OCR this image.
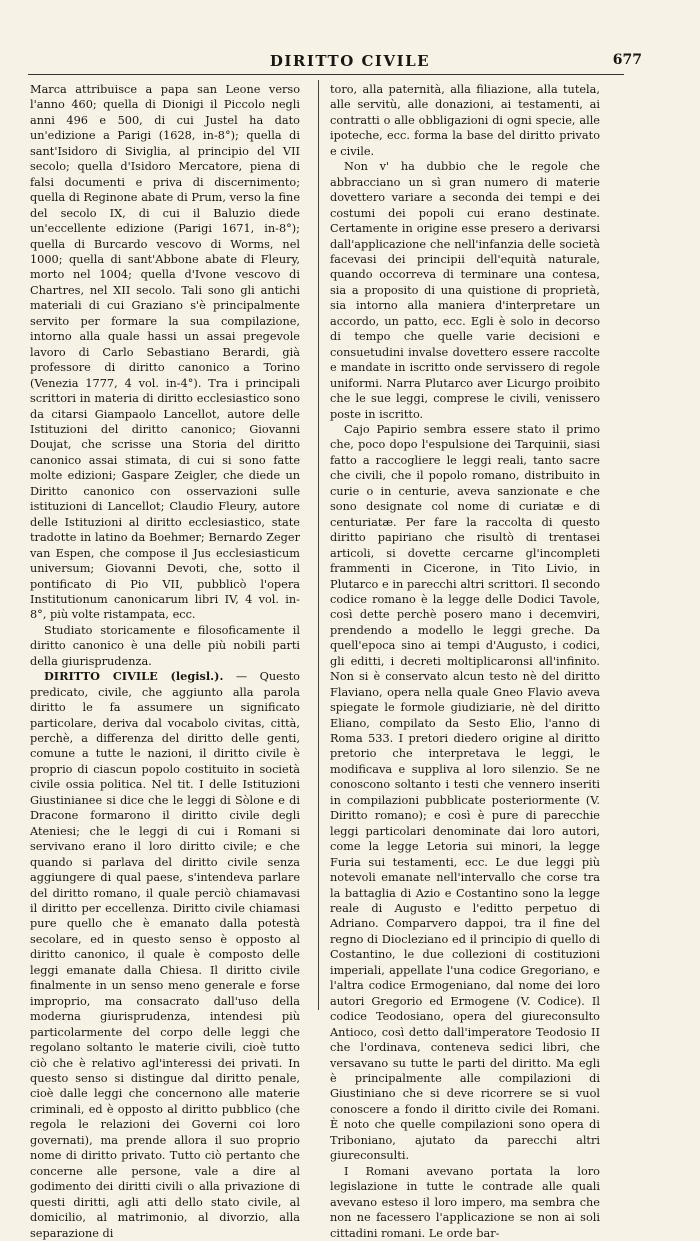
DIRITTO CIVILE	677

Marca attribuisce a papa san Leone verso l'anno 460; quella di Dionigi il Piccolo negli anni 496 e 500, di cui Justel ha dato un'edizione a Parigi (1628, in-8°); quella di sant'Isidoro di Siviglia, al principio del VII secolo; quella d'Isidoro Mercatore, piena di falsi documenti e priva di discernimento; quella di Reginone abate di Prum, verso la fine del secolo IX, di cui il Baluzio diede un'eccellente edizione (Parigi 1671, in-8°); quella di Burcardo vescovo di Worms, nel 1000; quella di sant'Abbone abate di Fleury, morto nel 1004; quella d'Ivone vescovo di Chartres, nel XII secolo. Tali sono gli antichi materiali di cui Graziano s'è principalmente servito per formare la sua compilazione, intorno alla quale hassi un assai pregevole lavoro di Carlo Sebastiano Berardi, già professore di diritto canonico a Torino (Venezia 1777, 4 vol. in-4°). Tra i principali scrittori in materia di diritto ecclesiastico sono da citarsi Giampaolo Lancellot, autore delle Istituzioni del diritto canonico; Giovanni Doujat, che scrisse una Storia del diritto canonico assai stimata, di cui si sono fatte molte edizioni; Gaspare Zeigler, che diede un Diritto canonico con osservazioni sulle istituzioni di Lancellot; Claudio Fleury, autore delle Istituzioni al diritto ecclesiastico, state tradotte in latino da Boehmer; Bernardo Zeger van Espen, che compose il Jus ecclesiasticum universum; Giovanni Devoti, che, sotto il pontificato di Pio VII, pubblicò l'opera Institutionum canonicarum libri IV, 4 vol. in-8°, più volte ristampata, ecc.

Studiato storicamente e filosoficamente il diritto canonico è una delle più nobili parti della giurisprudenza.

DIRITTO CIVILE (legisl.). — Questo predicato, civile, che aggiunto alla parola diritto le fa assumere un significato particolare, deriva dal vocabolo civitas, città, perchè, a differenza del diritto delle genti, comune a tutte le nazioni, il diritto civile è proprio di ciascun popolo costituito in società civile ossia politica. Nel tit. I delle Istituzioni Giustinianee si dice che le leggi di Sòlone e di Dracone formarono il diritto civile degli Ateniesi; che le leggi di cui i Romani si servivano erano il loro diritto civile; e che quando si parlava del diritto civile senza aggiungere di qual paese, s'intendeva parlare del diritto romano, il quale perciò chiamavasi il diritto per eccellenza. Diritto civile chiamasi pure quello che è emanato dalla potestà secolare, ed in questo senso è opposto al diritto canonico, il quale è composto delle leggi emanate dalla Chiesa. Il diritto civile finalmente in un senso meno generale e forse improprio, ma consacrato dall'uso della moderna giurisprudenza, intendesi più particolarmente del corpo delle leggi che regolano soltanto le materie civili, cioè tutto ciò che è relativo agl'interessi dei privati. In questo senso si distingue dal diritto penale, cioè dalle leggi che concernono alle materie criminali, ed è opposto al diritto pubblico (che regola le relazioni dei Governi coi loro governati), ma prende allora il suo proprio nome di diritto privato. Tutto ciò pertanto che concerne alle persone, vale a dire al godimento dei diritti civili o alla privazione di questi diritti, agli atti dello stato civile, al domicilio, al matrimonio, al divorzio, alla separazione di

toro, alla paternità, alla filiazione, alla tutela, alle servitù, alle donazioni, ai testamenti, ai contratti o alle obbligazioni di ogni specie, alle ipoteche, ecc. forma la base del diritto privato e civile.

Non v' ha dubbio che le regole che abbracciano un sì gran numero di materie dovettero variare a seconda dei tempi e dei costumi dei popoli cui erano destinate. Certamente in origine esse presero a derivarsi dall'applicazione che nell'infanzia delle società facevasi dei principii dell'equità naturale, quando occorreva di terminare una contesa, sia a proposito di una quistione di proprietà, sia intorno alla maniera d'interpretare un accordo, un patto, ecc. Egli è solo in decorso di tempo che quelle varie decisioni e consuetudini invalse dovettero essere raccolte e mandate in iscritto onde servissero di regole uniformi. Narra Plutarco aver Licurgo proibito che le sue leggi, comprese le civili, venissero poste in iscritto.

Cajo Papirio sembra essere stato il primo che, poco dopo l'espulsione dei Tarquinii, siasi fatto a raccogliere le leggi reali, tanto sacre che civili, che il popolo romano, distribuito in curie o in centurie, aveva sanzionate e che sono designate col nome di curiatæ e di centuriatæ. Per fare la raccolta di questo diritto papiriano che risultò di trentasei articoli, si dovette cercarne gl'incompleti frammenti in Cicerone, in Tito Livio, in Plutarco e in parecchi altri scrittori. Il secondo codice romano è la legge delle Dodici Tavole, così dette perchè posero mano i decemviri, prendendo a modello le leggi greche. Da quell'epoca sino ai tempi d'Augusto, i codici, gli editti, i decreti moltiplicaronsi all'infinito. Non si è conservato alcun testo nè del diritto Flaviano, opera nella quale Gneo Flavio aveva spiegate le formole giudiziarie, nè del diritto Eliano, compilato da Sesto Elio, l'anno di Roma 533. I pretori diedero origine al diritto pretorio che interpretava le leggi, le modificava e suppliva al loro silenzio. Se ne conoscono soltanto i testi che vennero inseriti in compilazioni pubblicate posteriormente (V. Diritto romano); e così è pure di parecchie leggi particolari denominate dai loro autori, come la legge Letoria sui minori, la legge Furia sui testamenti, ecc. Le due leggi più notevoli emanate nell'intervallo che corse tra la battaglia di Azio e Costantino sono la legge reale di Augusto e l'editto perpetuo di Adriano. Comparvero dappoi, tra il fine del regno di Diocleziano ed il principio di quello di Costantino, le due collezioni di costituzioni imperiali, appellate l'una codice Gregoriano, e l'altra codice Ermogeniano, dal nome dei loro autori Gregorio ed Ermogene (V. Codice). Il codice Teodosiano, opera del giureconsulto Antioco, così detto dall'imperatore Teodosio II che l'ordinava, conteneva sedici libri, che versavano su tutte le parti del diritto. Ma egli è principalmente alle compilazioni di Giustiniano che si deve ricorrere se si vuol conoscere a fondo il diritto civile dei Romani. È noto che quelle compilazioni sono opera di Triboniano, ajutato da parecchi altri giureconsulti.

I Romani avevano portata la loro legislazione in tutte le contrade alle quali avevano esteso il loro impero, ma sembra che non ne facessero l'applicazione se non ai soli cittadini romani. Le orde bar-
